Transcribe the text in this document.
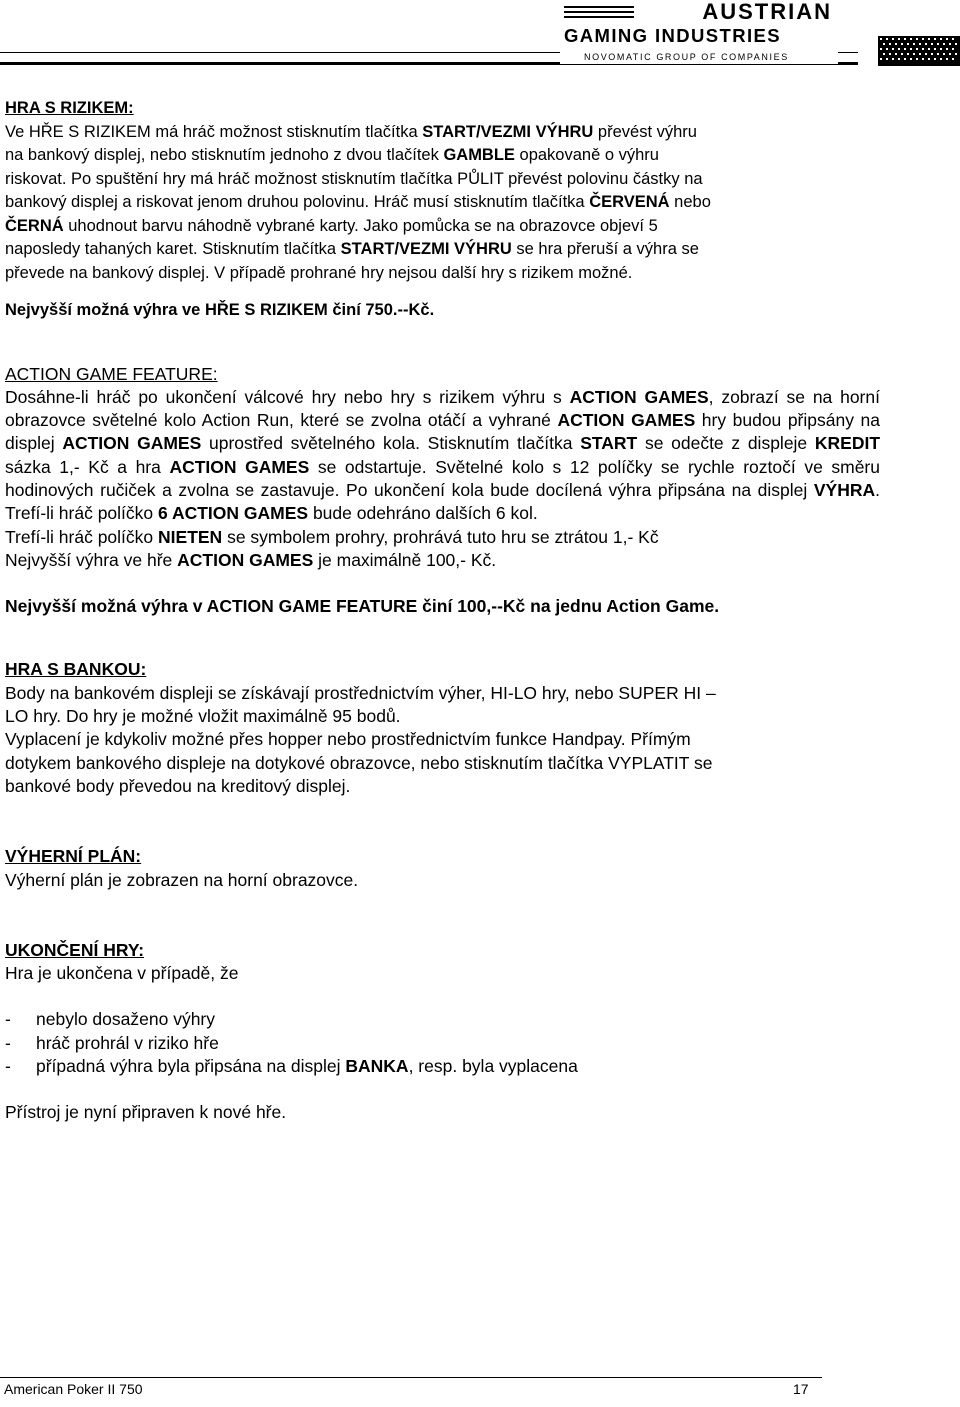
AUSTRIAN
GAMING INDUSTRIES
NOVOMATIC GROUP OF COMPANIES

HRA S RIZIKEM:

Ve HŘE S RIZIKEM má hráč možnost stisknutím tlačítka START/VEZMI VÝHRU převést výhru

na bankový displej, nebo stisknutím jednoho z dvou tlačítek GAMBLE opakovaně o výhru

riskovat. Po spuštění hry má hráč možnost stisknutím tlačítka PŮLIT převést polovinu částky na

bankový displej a riskovat jenom druhou polovinu. Hráč musí stisknutím tlačítka ČERVENÁ nebo

ČERNÁ uhodnout barvu náhodně vybrané karty. Jako pomůcka se na obrazovce objeví 5

naposledy tahaných karet. Stisknutím tlačítka START/VEZMI VÝHRU se hra přeruší a výhra se

převede na bankový displej. V případě prohrané hry nejsou další hry s rizikem možné.

Nejvyšší možná výhra ve HŘE S RIZIKEM činí 750.--Kč.

ACTION GAME FEATURE:

Dosáhne-li hráč po ukončení válcové hry nebo hry s rizikem výhru s ACTION GAMES, zobrazí se na horní obrazovce světelné kolo Action Run, které se zvolna otáčí a vyhrané ACTION GAMES hry budou připsány na displej ACTION GAMES uprostřed světelného kola. Stisknutím tlačítka START se odečte z displeje KREDIT sázka 1,- Kč a hra ACTION GAMES se odstartuje. Světelné kolo s 12 políčky se rychle roztočí ve směru hodinových ručiček a zvolna se zastavuje. Po ukončení kola bude docílená výhra připsána na displej VÝHRA. Trefí-li hráč políčko 6 ACTION GAMES bude odehráno dalších 6 kol.

Trefí-li hráč políčko NIETEN se symbolem prohry, prohrává tuto hru se ztrátou 1,- Kč

Nejvyšší výhra ve hře ACTION GAMES je maximálně 100,- Kč.

Nejvyšší možná výhra v ACTION GAME FEATURE činí 100,--Kč na jednu Action Game.

HRA S BANKOU:

Body na bankovém displeji se získávají prostřednictvím výher, HI-LO hry, nebo SUPER HI –

LO hry. Do hry je možné vložit maximálně 95 bodů.

Vyplacení je kdykoliv možné přes hopper nebo prostřednictvím funkce Handpay. Přímým

dotykem bankového displeje na dotykové obrazovce, nebo stisknutím tlačítka VYPLATIT se

bankové body převedou na kreditový displej.

VÝHERNÍ PLÁN:

Výherní plán je zobrazen na horní obrazovce.

UKONČENÍ HRY:

Hra je ukončena v případě, že

-	nebylo dosaženo výhry
-	hráč prohrál v riziko hře
-	případná výhra byla připsána na displej BANKA, resp. byla vyplacena

Přístroj je nyní připraven k nové hře.

American Poker II 750	17
